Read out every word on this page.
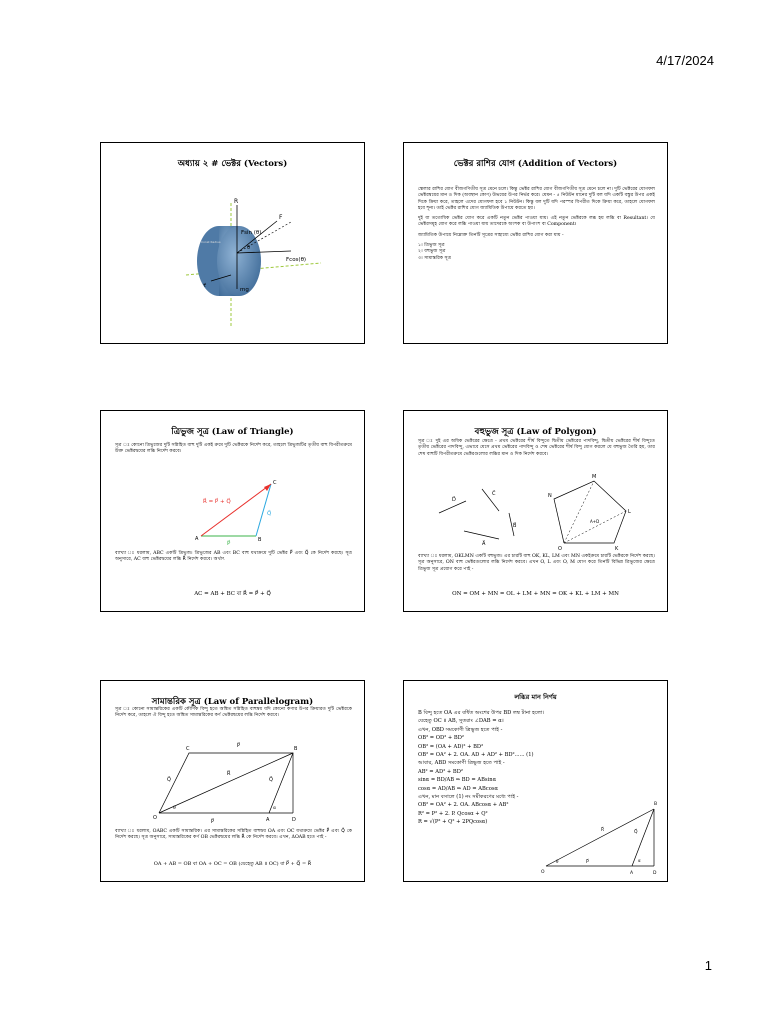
4/17/2024
অধ্যায় ২ # ভেক্টর (Vectors)
R
F
Fsin (θ)
Fcos(θ)
θ
mg
τ⃗
Const Radius
ভেক্টর রাশির যোগ (Addition of Vectors)

স্কেলার রাশির যোগ বীজগণিতীয় সূত্র মেনে চলে। কিন্তু ভেক্টর রাশির যোগ বীজগণিতীয় সূত্র মেনে চলে না। দুটি ভেক্টরের যোগফল ভেক্টরদ্বয়ের মান ও দিক (অবস্থান কোণ) উভয়ের উপর নির্ভর করে। যেমন - ৫ নিউটন মানের দুটি বল যদি একটি বস্তুর উপর একই দিকে ক্রিয়া করে, তাহলে এদের যোগফল হবে ১ নিউটন। কিন্তু বল দুটি যদি পরস্পর বিপরীত দিকে ক্রিয়া করে, তাহলে যোগফল হবে শূন্য। তাই ভেক্টর রাশির যোগ জ্যামিতিক উপায়ে করতে হয়।

দুই বা ততোধিক ভেক্টর যোগ করে একটি নতুন ভেক্টর পাওয়া যায়। এই নতুন ভেক্টরকে লব্ধ হয় লব্ধি বা Resultant। যে ভেক্টরসমূহ যোগ করে লব্ধি পাওয়া যায় তাদেরকে অংশক বা উপাংশ বা Component।

জ্যামিতিক উপায়ে নিম্নোক্ত তিনটি সূত্রের সাহায্যে ভেক্টর রাশির যোগ করা যায় -

১। ত্রিভুজ সূত্র
২। বহুভুজ সূত্র
৩। সামান্তরিক সূত্র
ত্রিভুজ সূত্র (Law of Triangle)
সূত্র ঃ কোনো ত্রিভুজের দুটি সন্নিহিত বাহু দুটি একই ক্রমে দুটি ভেক্টরকে নির্দেশ করে, তাহলে ত্রিভুজটির তৃতীয় বাহু বিপরীতক্রমে উক্ত ভেক্টরদ্বয়ের লব্ধি নির্দেশ করবে।
R⃗ = P⃗ + Q⃗
A	B
C
P⃗
Q⃗
ব্যাখ্যা ঃ ধরলাম, ABC একটি ত্রিভুজ। ত্রিভুজের AB এবং BC বাহু যথাক্রমে দুটি ভেক্টর P⃗ এবং Q⃗ কে নির্দেশ করছে। সূত্র অনুসারে, AC বাহু ভেক্টরদ্বয়ের লব্ধি R⃗ নির্দেশ করবে। অর্থাৎ
AC = AB + BC বা R⃗ = P⃗ + Q⃗
বহুভুজ সূত্র (Law of Polygon)
সূত্র ঃ দুই এর অধিক ভেক্টরের ক্ষেত্রে - প্রথম ভেক্টরের শীর্ষ বিন্দুতে দ্বিতীয় ভেক্টরের পাদবিন্দু, দ্বিতীয় ভেক্টরের শীর্ষ বিন্দুতে তৃতীয় ভেক্টরের পাদবিন্দু, এভাবে যেসে প্রথম ভেক্টরের পাদবিন্দু ও শেষ ভেক্টরের শীর্ষ বিন্দু যোগ করলে যে বহুভুজ তৈরি হয়, তার শেষ বাহুটি বিপরীতক্রমে ভেক্টরগুলোর লব্ধির মান ও দিক নির্দেশ করবে।
D⃗
C⃗
B⃗
A⃗
N
M
L
K
O
A+D
ব্যাখ্যা ঃ ধরলাম, OKLMN একটি বহুভুজ। এর চারটি বাহু OK, KL, LM এবং MN একইক্রমে চারটি ভেক্টরকে নির্দেশ করছে। সূত্র অনুসারে, ON বাহু ভেক্টরগুলোর লব্ধি নির্দেশ করবে। এখন O, L এবং O, M যোগ করে তিনটি বিভিন্ন ত্রিভুজের ক্ষেত্রে ত্রিভুজ সূত্র প্রয়োগ করে পাই -
ON = OM + MN = OL + LM + MN = OK + KL + LM + MN
সামান্তরিক সূত্র (Law of Parallelogram)
সূত্র ঃ কোনো সামান্তরিকের একটি কৌণিক বিন্দু হতে অঙ্কিত সন্নিহিত বাহুদ্বয় যদি কোনো কণার উপর ক্রিয়ারত দুটি ভেক্টরকে নির্দেশ করে, তাহলে ঐ বিন্দু হতে অঙ্কিত সামান্তরিকের কর্ণ ভেক্টরদ্বয়ের লব্ধি নির্দেশ করবে।
C	B
O	A	D
P⃗
P⃗
Q⃗	Q⃗
R⃗
α
θ
ব্যাখ্যা ঃ ধরলাম, OABC একটি সামান্তরিক। এর সামান্তরিকের সন্নিহিত বাহুদ্বয় OA এবং OC যথাক্রমে ভেক্টর P⃗ এবং Q⃗ কে নির্দেশ করছে। সূত্র অনুসারে, সামান্তরিকের কর্ণ OB ভেক্টরদ্বয়ের লব্ধি R⃗ কে নির্দেশ করবে। এখন, ΔOAB হতে পাই -
OA + AB = OB বা OA + OC = OB (যেহেতু AB ॥ OC) বা P⃗ + Q⃗ = R⃗
লব্ধির মান নির্ণয়
B বিন্দু হতে OA এর বর্ধিত অংশের উপর BD লম্ব টানা হলো।
যেহেতু OC ॥ AB, সুতরাং ∠DAB = α।
এখন, OBD সমকোণী ত্রিভুজ হতে পাই -
OB² = OD² + BD²
OB² = (OA + AD)² + BD²
OB² = OA² + 2. OA. AD + AD² + BD²...... (1)
আবার, ABD সমকোণী ত্রিভুজ হতে পাই -
AB² = AD² + BD²
sinα = BD/AB ⇒ BD = ABsinα
cosα = AD/AB ⇒ AD = ABcosα
এখন, মান বসালে (1) নং সমীকরণের মধ্যে পাই -
OB² = OA² + 2. OA. ABcosα + AB²
R² = P² + 2. P. Qcosα + Q²
R = √(P² + Q² + 2PQcosα)
O	A	D
B
P⃗
Q⃗
R⃗
α
θ
1
